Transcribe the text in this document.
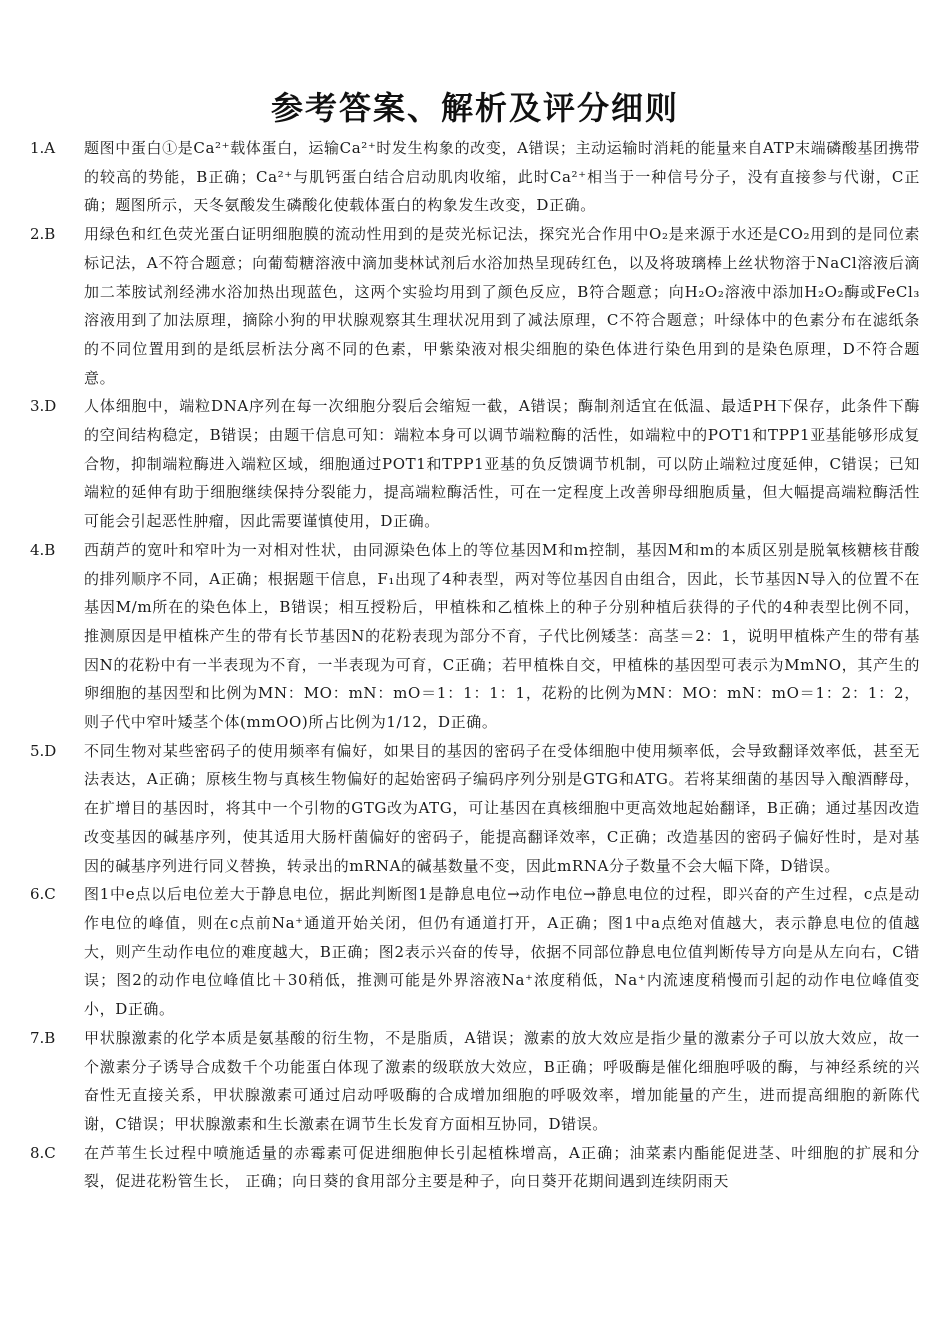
参考答案、解析及评分细则
1.A	题图中蛋白①是Ca²⁺载体蛋白，运输Ca²⁺时发生构象的改变，A错误；主动运输时消耗的能量来自ATP末端磷酸基团携带的较高的势能，B正确；Ca²⁺与肌钙蛋白结合启动肌肉收缩，此时Ca²⁺相当于一种信号分子，没有直接参与代谢，C正确；题图所示，天冬氨酸发生磷酸化使载体蛋白的构象发生改变，D正确。
2.B	用绿色和红色荧光蛋白证明细胞膜的流动性用到的是荧光标记法，探究光合作用中O₂是来源于水还是CO₂用到的是同位素标记法，A不符合题意；向葡萄糖溶液中滴加斐林试剂后水浴加热呈现砖红色，以及将玻璃棒上丝状物溶于NaCl溶液后滴加二苯胺试剂经沸水浴加热出现蓝色，这两个实验均用到了颜色反应，B符合题意；向H₂O₂溶液中添加H₂O₂酶或FeCl₃溶液用到了加法原理，摘除小狗的甲状腺观察其生理状况用到了减法原理，C不符合题意；叶绿体中的色素分布在滤纸条的不同位置用到的是纸层析法分离不同的色素，甲紫染液对根尖细胞的染色体进行染色用到的是染色原理，D不符合题意。
3.D	人体细胞中，端粒DNA序列在每一次细胞分裂后会缩短一截，A错误；酶制剂适宜在低温、最适PH下保存，此条件下酶的空间结构稳定，B错误；由题干信息可知：端粒本身可以调节端粒酶的活性，如端粒中的POT1和TPP1亚基能够形成复合物，抑制端粒酶进入端粒区域，细胞通过POT1和TPP1亚基的负反馈调节机制，可以防止端粒过度延伸，C错误；已知端粒的延伸有助于细胞继续保持分裂能力，提高端粒酶活性，可在一定程度上改善卵母细胞质量，但大幅提高端粒酶活性可能会引起恶性肿瘤，因此需要谨慎使用，D正确。
4.B	西葫芦的宽叶和窄叶为一对相对性状，由同源染色体上的等位基因M和m控制，基因M和m的本质区别是脱氧核糖核苷酸的排列顺序不同，A正确；根据题干信息，F₁出现了4种表型，两对等位基因自由组合，因此，长节基因N导入的位置不在基因M/m所在的染色体上，B错误；相互授粉后，甲植株和乙植株上的种子分别种植后获得的子代的4种表型比例不同，推测原因是甲植株产生的带有长节基因N的花粉表现为部分不育，子代比例矮茎：高茎＝2：1，说明甲植株产生的带有基因N的花粉中有一半表现为不育，一半表现为可育，C正确；若甲植株自交，甲植株的基因型可表示为MmNO，其产生的卵细胞的基因型和比例为MN：MO：mN：mO＝1：1：1：1，花粉的比例为MN：MO：mN：mO＝1：2：1：2，则子代中窄叶矮茎个体(mmOO)所占比例为1/12，D正确。
5.D	不同生物对某些密码子的使用频率有偏好，如果目的基因的密码子在受体细胞中使用频率低，会导致翻译效率低，甚至无法表达，A正确；原核生物与真核生物偏好的起始密码子编码序列分别是GTG和ATG。若将某细菌的基因导入酿酒酵母，在扩增目的基因时，将其中一个引物的GTG改为ATG，可让基因在真核细胞中更高效地起始翻译，B正确；通过基因改造改变基因的碱基序列，使其适用大肠杆菌偏好的密码子，能提高翻译效率，C正确；改造基因的密码子偏好性时，是对基因的碱基序列进行同义替换，转录出的mRNA的碱基数量不变，因此mRNA分子数量不会大幅下降，D错误。
6.C	图1中e点以后电位差大于静息电位，据此判断图1是静息电位→动作电位→静息电位的过程，即兴奋的产生过程，c点是动作电位的峰值，则在c点前Na⁺通道开始关闭，但仍有通道打开，A正确；图1中a点绝对值越大，表示静息电位的值越大，则产生动作电位的难度越大，B正确；图2表示兴奋的传导，依据不同部位静息电位值判断传导方向是从左向右，C错误；图2的动作电位峰值比＋30稍低，推测可能是外界溶液Na⁺浓度稍低，Na⁺内流速度稍慢而引起的动作电位峰值变小，D正确。
7.B	甲状腺激素的化学本质是氨基酸的衍生物，不是脂质，A错误；激素的放大效应是指少量的激素分子可以放大效应，故一个激素分子诱导合成数千个功能蛋白体现了激素的级联放大效应，B正确；呼吸酶是催化细胞呼吸的酶，与神经系统的兴奋性无直接关系，甲状腺激素可通过启动呼吸酶的合成增加细胞的呼吸效率，增加能量的产生，进而提高细胞的新陈代谢，C错误；甲状腺激素和生长激素在调节生长发育方面相互协同，D错误。
8.C	在芦苇生长过程中喷施适量的赤霉素可促进细胞伸长引起植株增高，A正确；油菜素内酯能促进茎、叶细胞的扩展和分裂，促进花粉管生长， 正确；向日葵的食用部分主要是种子，向日葵开花期间遇到连续阴雨天
